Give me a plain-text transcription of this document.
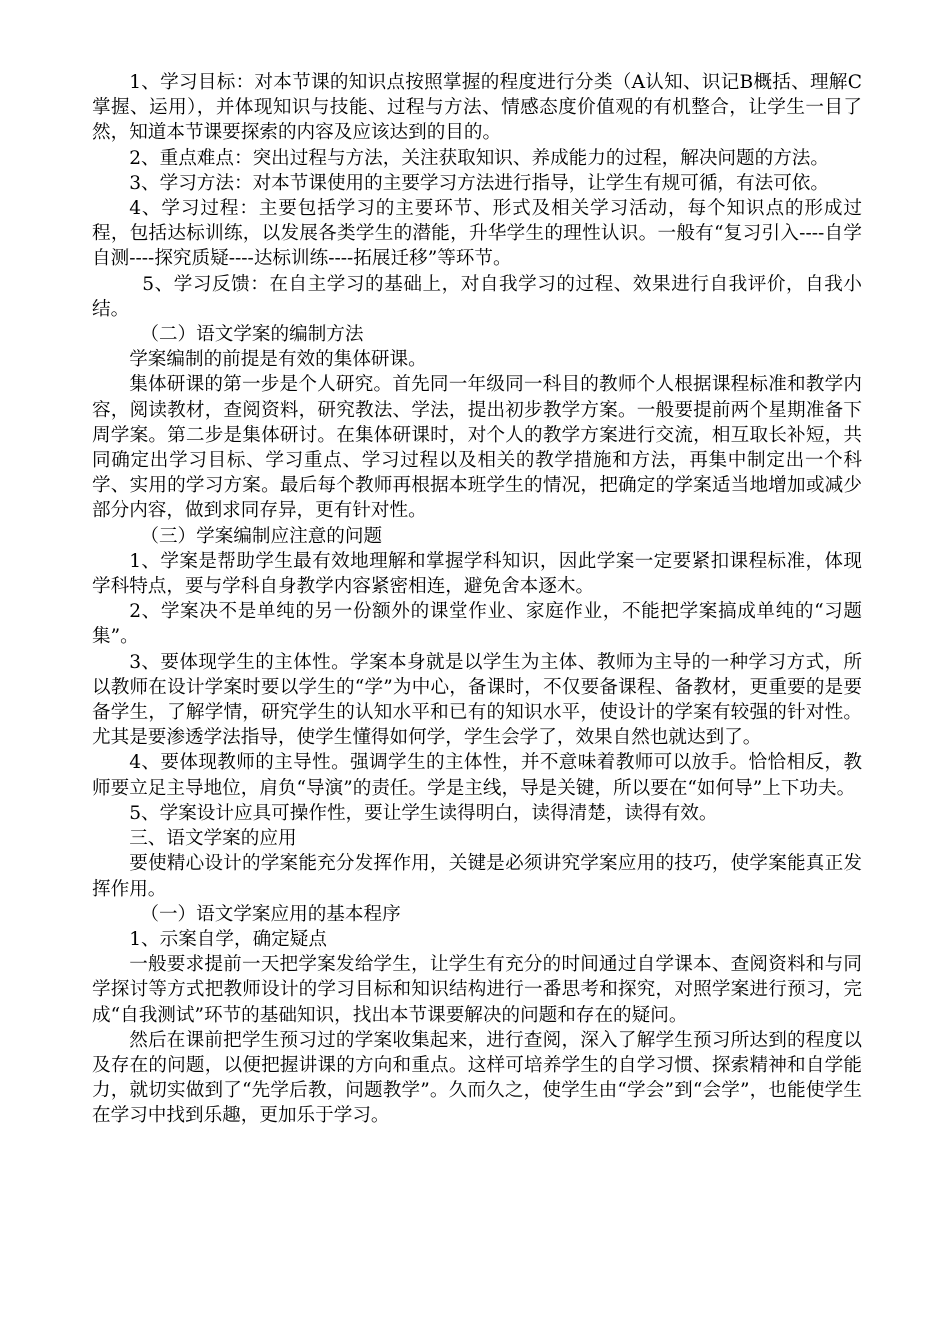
1、学习目标：对本节课的知识点按照掌握的程度进行分类（A认知、识记B概括、理解C掌握、运用），并体现知识与技能、过程与方法、情感态度价值观的有机整合，让学生一目了然，知道本节课要探索的内容及应该达到的目的。

2、重点难点：突出过程与方法，关注获取知识、养成能力的过程，解决问题的方法。

3、学习方法：对本节课使用的主要学习方法进行指导，让学生有规可循，有法可依。

4、学习过程：主要包括学习的主要环节、形式及相关学习活动，每个知识点的形成过程，包括达标训练，以发展各类学生的潜能，升华学生的理性认识。一般有“复习引入----自学自测----探究质疑----达标训练----拓展迁移”等环节。

5、学习反馈：在自主学习的基础上，对自我学习的过程、效果进行自我评价，自我小结。

（二）语文学案的编制方法

学案编制的前提是有效的集体研课。

集体研课的第一步是个人研究。首先同一年级同一科目的教师个人根据课程标准和教学内容，阅读教材，查阅资料，研究教法、学法，提出初步教学方案。一般要提前两个星期准备下周学案。第二步是集体研讨。在集体研课时，对个人的教学方案进行交流，相互取长补短，共同确定出学习目标、学习重点、学习过程以及相关的教学措施和方法，再集中制定出一个科学、实用的学习方案。最后每个教师再根据本班学生的情况，把确定的学案适当地增加或减少部分内容，做到求同存异，更有针对性。

（三）学案编制应注意的问题

1、学案是帮助学生最有效地理解和掌握学科知识，因此学案一定要紧扣课程标准，体现学科特点，要与学科自身教学内容紧密相连，避免舍本逐木。

2、学案决不是单纯的另一份额外的课堂作业、家庭作业，不能把学案搞成单纯的“习题集”。

3、要体现学生的主体性。学案本身就是以学生为主体、教师为主导的一种学习方式，所以教师在设计学案时要以学生的“学”为中心，备课时，不仅要备课程、备教材，更重要的是要备学生，了解学情，研究学生的认知水平和已有的知识水平，使设计的学案有较强的针对性。尤其是要渗透学法指导，使学生懂得如何学，学生会学了，效果自然也就达到了。

4、要体现教师的主导性。强调学生的主体性，并不意味着教师可以放手。恰恰相反，教师要立足主导地位，肩负“导演”的责任。学是主线，导是关键，所以要在“如何导”上下功夫。

5、学案设计应具可操作性，要让学生读得明白，读得清楚，读得有效。

三、语文学案的应用

要使精心设计的学案能充分发挥作用，关键是必须讲究学案应用的技巧，使学案能真正发挥作用。

（一）语文学案应用的基本程序

1、示案自学，确定疑点

一般要求提前一天把学案发给学生，让学生有充分的时间通过自学课本、查阅资料和与同学探讨等方式把教师设计的学习目标和知识结构进行一番思考和探究，对照学案进行预习，完成“自我测试”环节的基础知识，找出本节课要解决的问题和存在的疑问。

然后在课前把学生预习过的学案收集起来，进行查阅，深入了解学生预习所达到的程度以及存在的问题，以便把握讲课的方向和重点。这样可培养学生的自学习惯、探索精神和自学能力，就切实做到了“先学后教，问题教学”。久而久之，使学生由“学会”到“会学”，也能使学生在学习中找到乐趣，更加乐于学习。
